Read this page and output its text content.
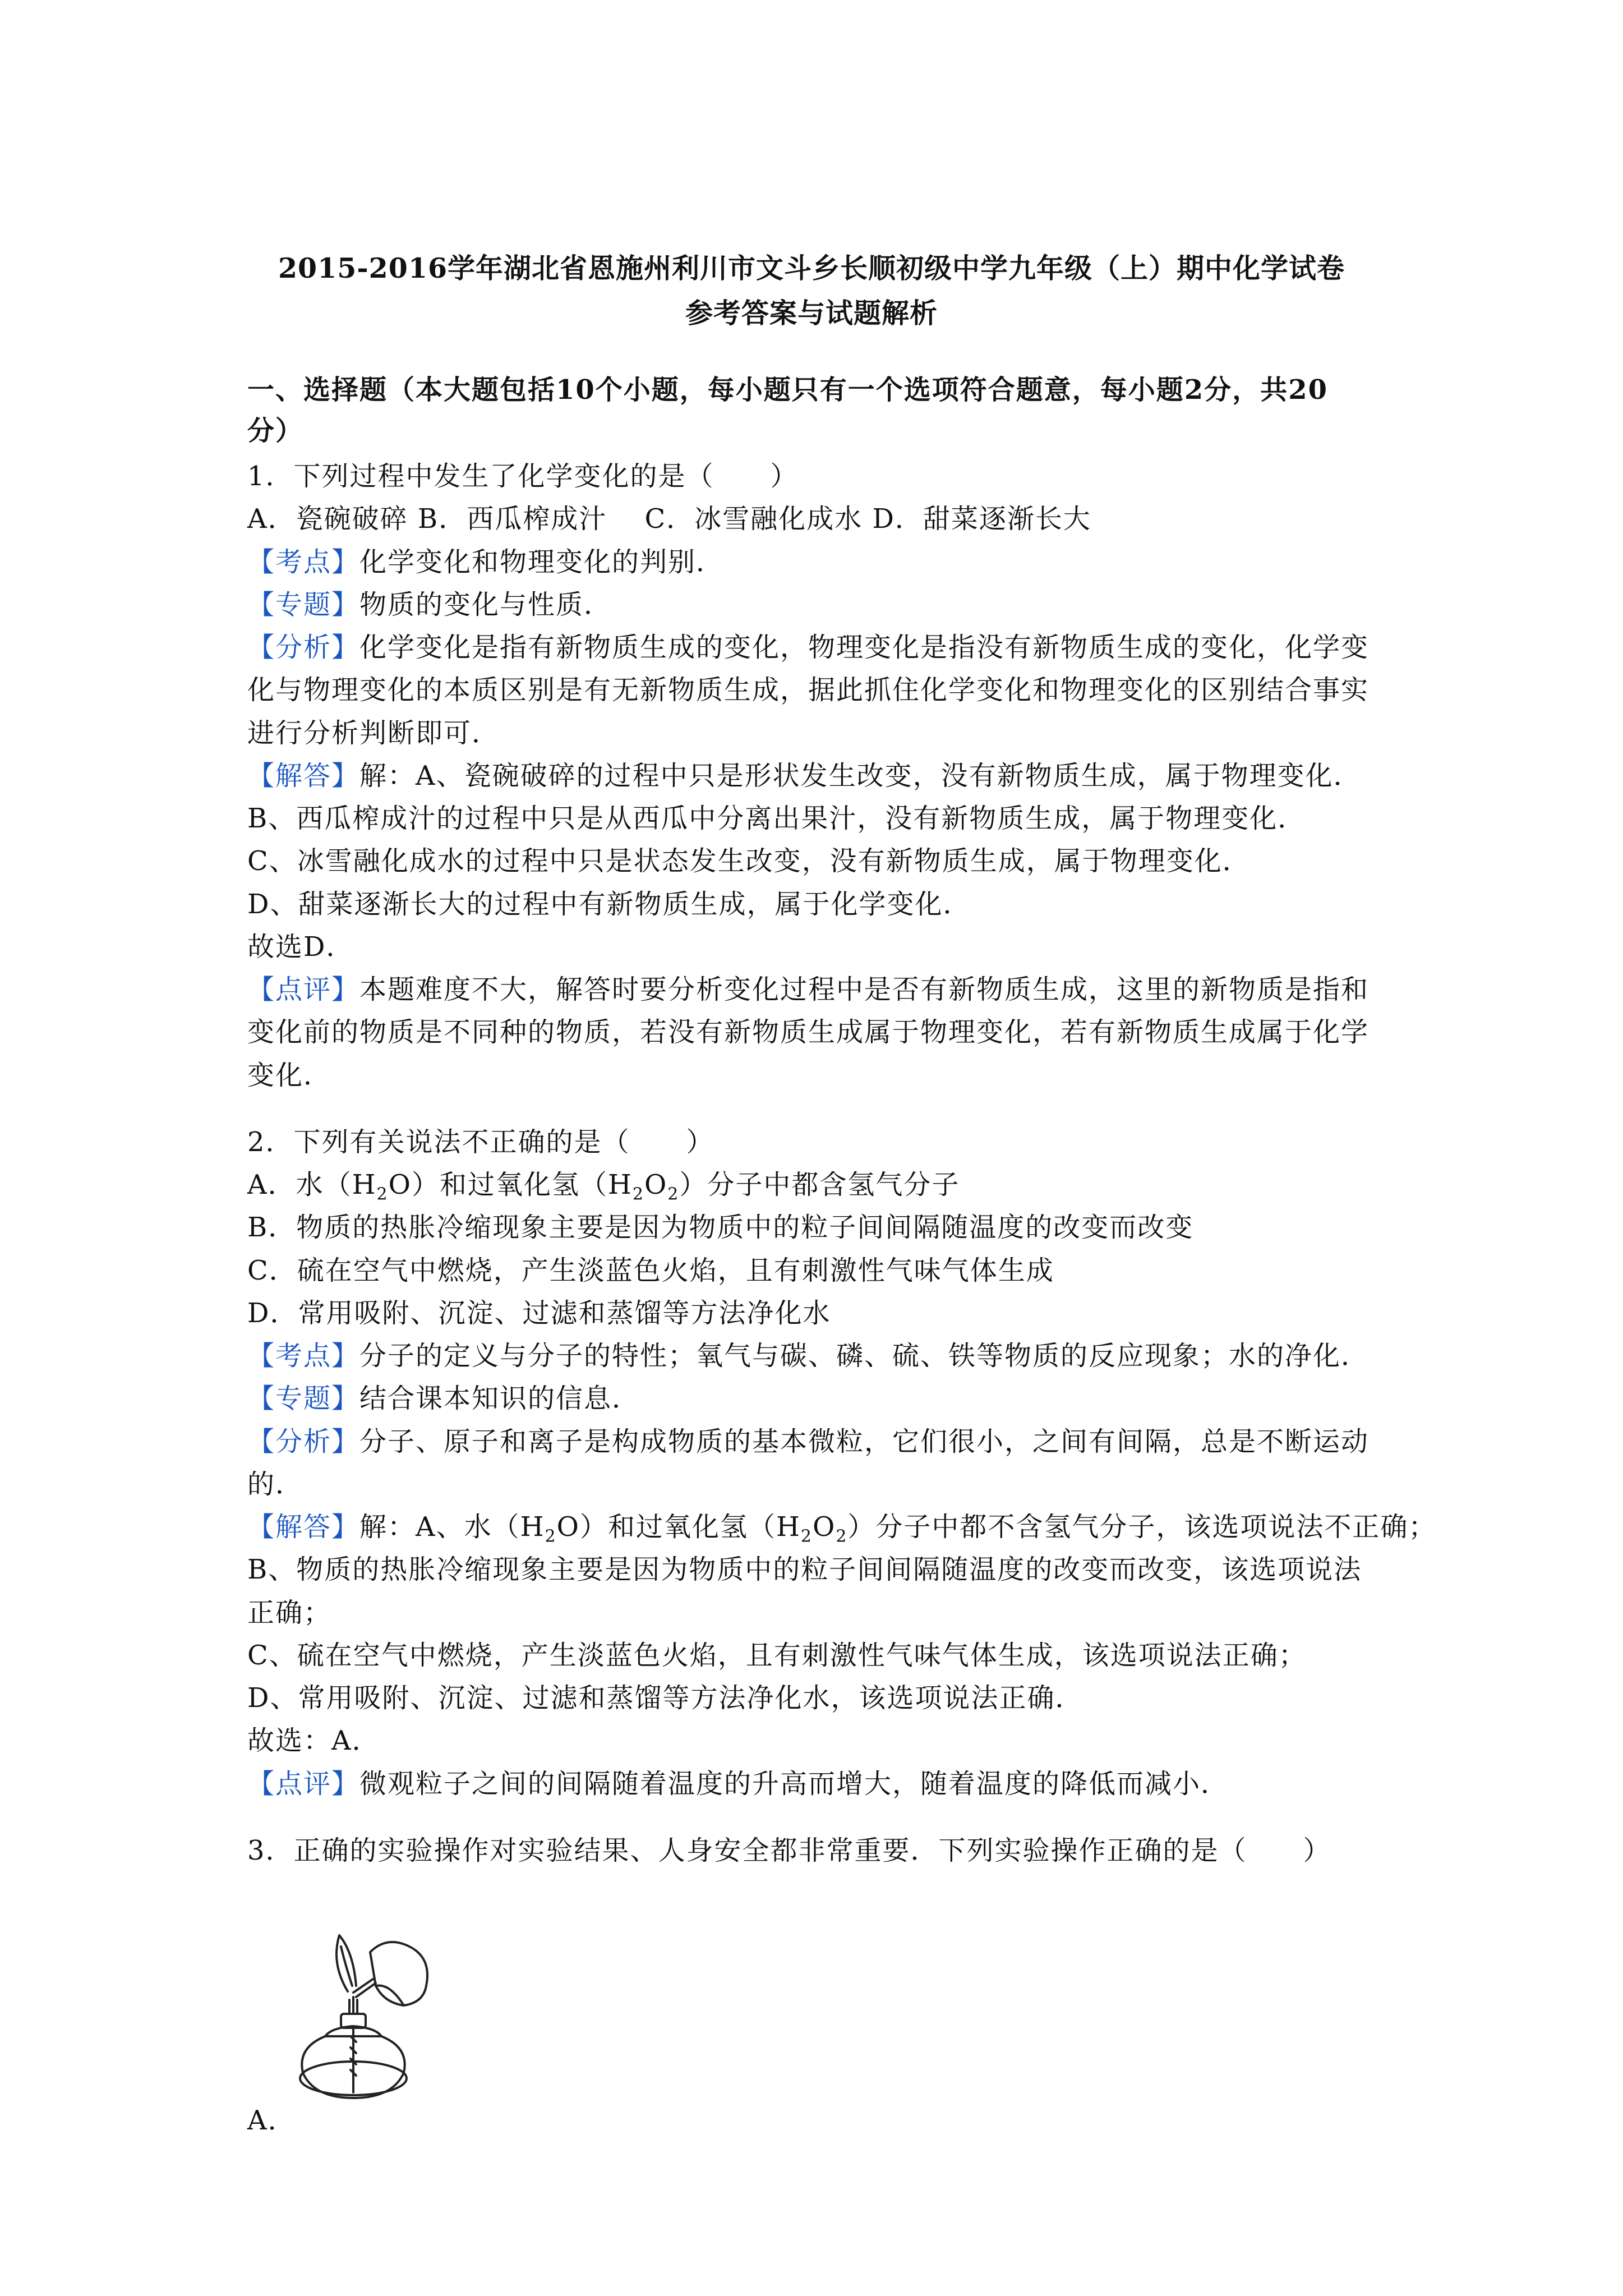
2015-2016学年湖北省恩施州利川市文斗乡长顺初级中学九年级（上）期中化学试卷
参考答案与试题解析
一、选择题（本大题包括10个小题，每小题只有一个选项符合题意，每小题2分，共20
分）
1．下列过程中发生了化学变化的是（　　）
A．瓷碗破碎 B．西瓜榨成汁　 C．冰雪融化成水 D．甜菜逐渐长大
【考点】化学变化和物理变化的判别．
【专题】物质的变化与性质．
【分析】化学变化是指有新物质生成的变化，物理变化是指没有新物质生成的变化，化学变
化与物理变化的本质区别是有无新物质生成，据此抓住化学变化和物理变化的区别结合事实
进行分析判断即可．
【解答】解：A、瓷碗破碎的过程中只是形状发生改变，没有新物质生成，属于物理变化．
B、西瓜榨成汁的过程中只是从西瓜中分离出果汁，没有新物质生成，属于物理变化．
C、冰雪融化成水的过程中只是状态发生改变，没有新物质生成，属于物理变化．
D、甜菜逐渐长大的过程中有新物质生成，属于化学变化．
故选D．
【点评】本题难度不大，解答时要分析变化过程中是否有新物质生成，这里的新物质是指和
变化前的物质是不同种的物质，若没有新物质生成属于物理变化，若有新物质生成属于化学
变化．
2．下列有关说法不正确的是（　　）
A．水$(H_2O)$和过氧化氢$(H_2O_2)$分子中都含氢气分子
B．物质的热胀冷缩现象主要是因为物质中的粒子间间隔随温度的改变而改变
C．硫在空气中燃烧，产生淡蓝色火焰，且有刺激性气味气体生成
D．常用吸附、沉淀、过滤和蒸馏等方法净化水
【考点】分子的定义与分子的特性；氧气与碳、磷、硫、铁等物质的反应现象；水的净化．
【专题】结合课本知识的信息．
【分析】分子、原子和离子是构成物质的基本微粒，它们很小，之间有间隔，总是不断运动
的．
【解答】解：A、水$(H_2O)$和过氧化氢$(H_2O_2)$分子中都不含氢气分子，该选项说法不正确；
B、物质的热胀冷缩现象主要是因为物质中的粒子间间隔随温度的改变而改变，该选项说法
正确；
C、硫在空气中燃烧，产生淡蓝色火焰，且有刺激性气味气体生成，该选项说法正确；
D、常用吸附、沉淀、过滤和蒸馏等方法净化水，该选项说法正确．
故选：A．
【点评】微观粒子之间的间隔随着温度的升高而增大，随着温度的降低而减小．
3．正确的实验操作对实验结果、人身安全都非常重要．下列实验操作正确的是（　　）
A．
